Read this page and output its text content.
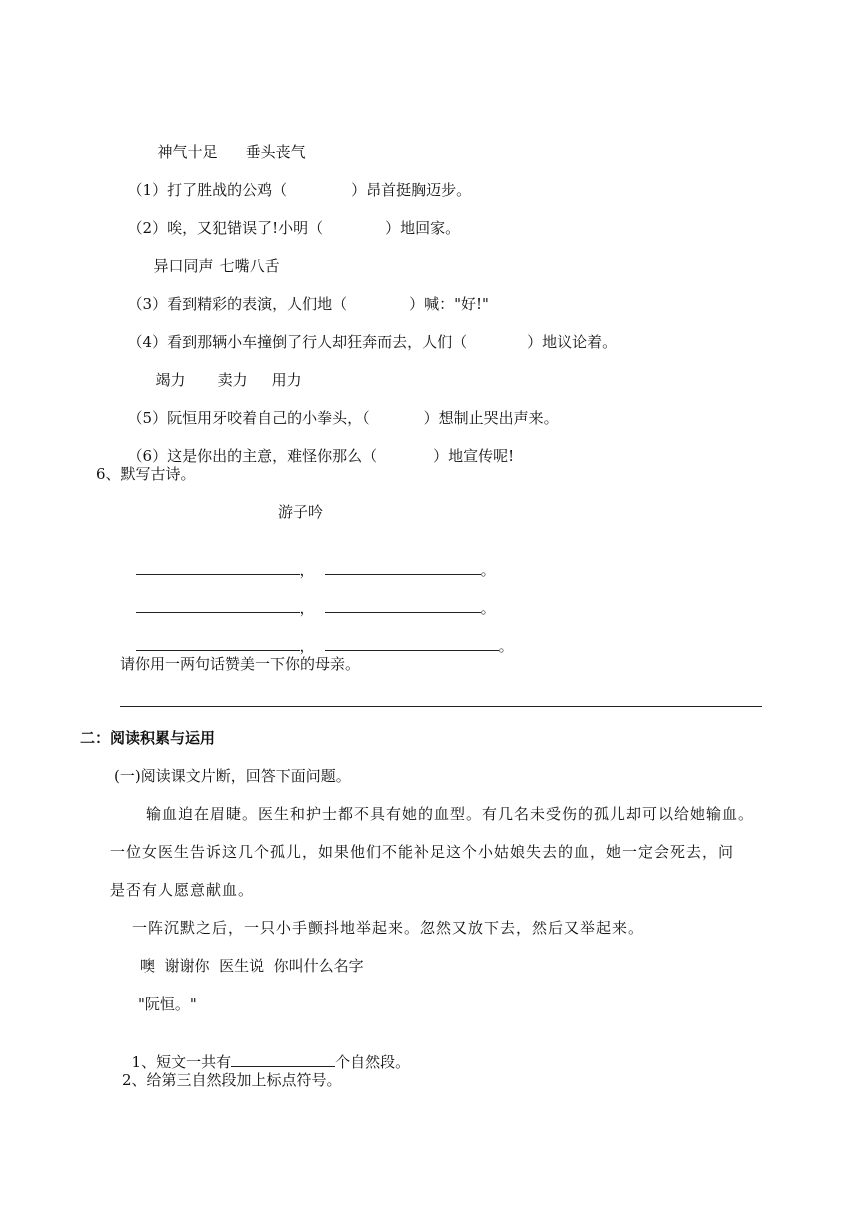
神气十足 垂头丧气

（1）打了胜战的公鸡（	）昂首挺胸迈步。

（2）唉，又犯错误了!小明（	）地回家。

异口同声 七嘴八舌

（3）看到精彩的表演，人们地（	）喊："好!"

（4）看到那辆小车撞倒了行人却狂奔而去，人们（	）地议论着。

竭力 卖力 用力

（5）阮恒用牙咬着自己的小拳头，（	）想制止哭出声来。

（6）这是你出的主意，难怪你那么（	）地宣传呢!

6、默写古诗。
游子吟

，	。

，	。

，	。

请你用一两句话赞美一下你的母亲。
二：阅读积累与运用
(一)阅读课文片断，回答下面问题。
输血迫在眉睫。医生和护士都不具有她的血型。有几名未受伤的孤儿却可以给她输血。
一位女医生告诉这几个孤儿，如果他们不能补足这个小姑娘失去的血，她一定会死去，问
是否有人愿意献血。
一阵沉默之后，一只小手颤抖地举起来。忽然又放下去，然后又举起来。
噢  谢谢你  医生说  你叫什么名字
"阮恒。"

1、短文一共有	个自然段。

2、给第三自然段加上标点符号。
